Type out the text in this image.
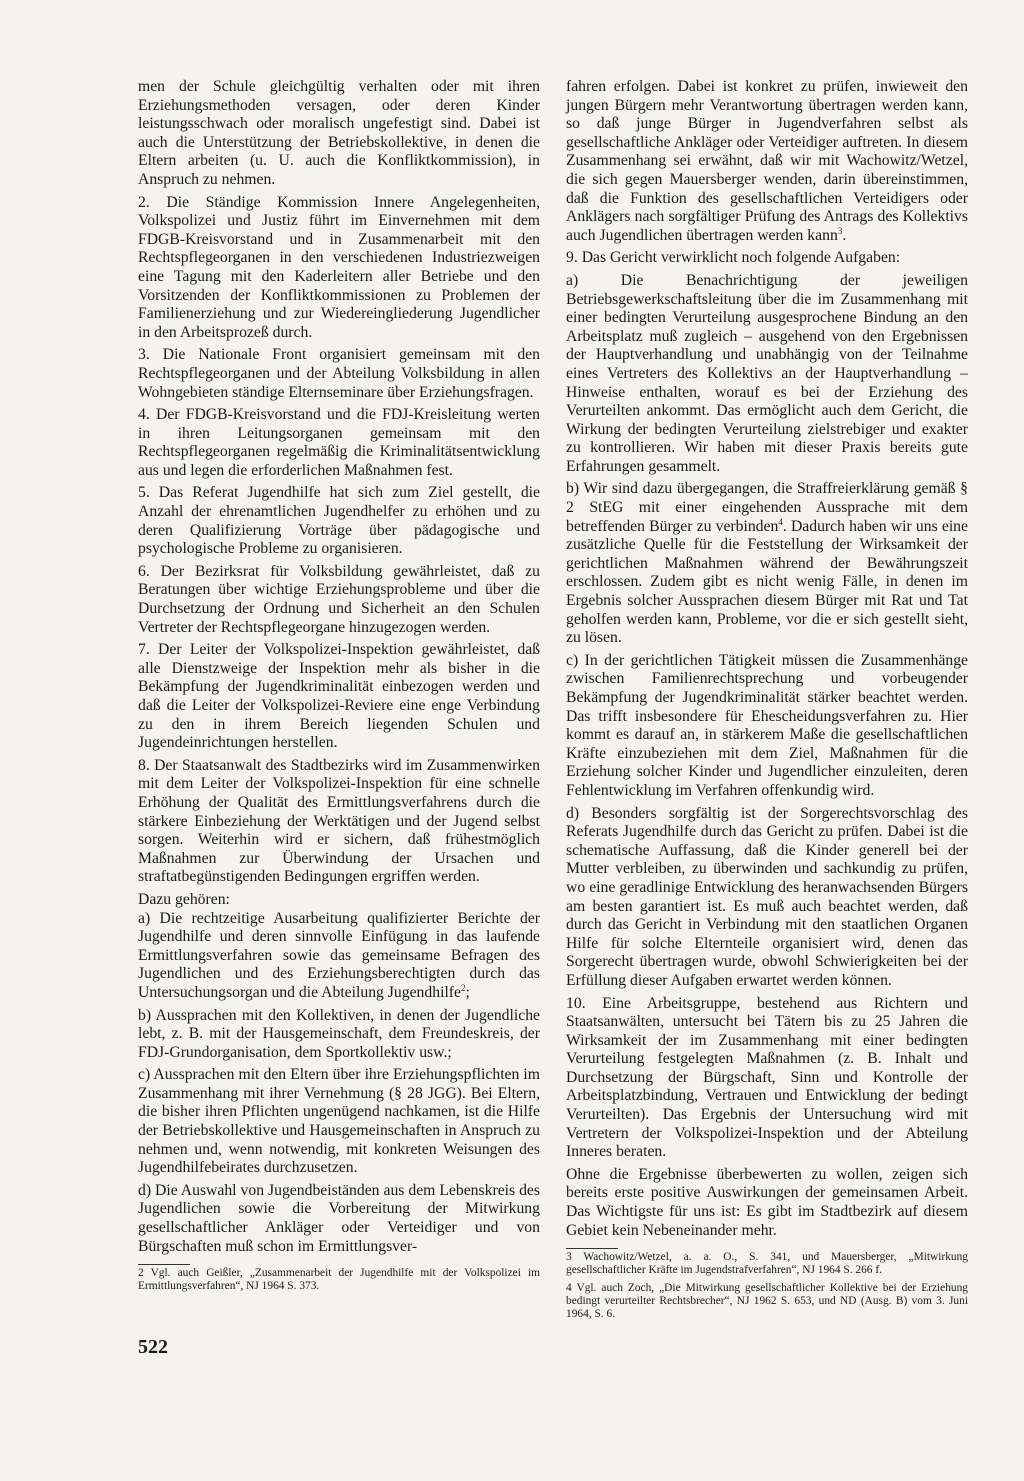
men der Schule gleichgültig verhalten oder mit ihren Erziehungsmethoden versagen, oder deren Kinder leistungsschwach oder moralisch ungefestigt sind. Dabei ist auch die Unterstützung der Betriebskollektive, in denen die Eltern arbeiten (u. U. auch die Konfliktkommission), in Anspruch zu nehmen.

2. Die Ständige Kommission Innere Angelegenheiten, Volkspolizei und Justiz führt im Einvernehmen mit dem FDGB-Kreisvorstand und in Zusammenarbeit mit den Rechtspflegeorganen in den verschiedenen Industriezweigen eine Tagung mit den Kaderleitern aller Betriebe und den Vorsitzenden der Konfliktkommissionen zu Problemen der Familienerziehung und zur Wiedereingliederung Jugendlicher in den Arbeitsprozeß durch.

3. Die Nationale Front organisiert gemeinsam mit den Rechtspflegeorganen und der Abteilung Volksbildung in allen Wohngebieten ständige Elternseminare über Erziehungsfragen.

4. Der FDGB-Kreisvorstand und die FDJ-Kreisleitung werten in ihren Leitungsorganen gemeinsam mit den Rechtspflegeorganen regelmäßig die Kriminalitätsentwicklung aus und legen die erforderlichen Maßnahmen fest.

5. Das Referat Jugendhilfe hat sich zum Ziel gestellt, die Anzahl der ehrenamtlichen Jugendhelfer zu erhöhen und zu deren Qualifizierung Vorträge über pädagogische und psychologische Probleme zu organisieren.

6. Der Bezirksrat für Volksbildung gewährleistet, daß zu Beratungen über wichtige Erziehungsprobleme und über die Durchsetzung der Ordnung und Sicherheit an den Schulen Vertreter der Rechtspflegeorgane hinzugezogen werden.

7. Der Leiter der Volkspolizei-Inspektion gewährleistet, daß alle Dienstzweige der Inspektion mehr als bisher in die Bekämpfung der Jugendkriminalität einbezogen werden und daß die Leiter der Volkspolizei-Reviere eine enge Verbindung zu den in ihrem Bereich liegenden Schulen und Jugendeinrichtungen herstellen.

8. Der Staatsanwalt des Stadtbezirks wird im Zusammenwirken mit dem Leiter der Volkspolizei-Inspektion für eine schnelle Erhöhung der Qualität des Ermittlungsverfahrens durch die stärkere Einbeziehung der Werktätigen und der Jugend selbst sorgen. Weiterhin wird er sichern, daß frühestmöglich Maßnahmen zur Überwindung der Ursachen und straftatbegünstigenden Bedingungen ergriffen werden.

Dazu gehören:

a) Die rechtzeitige Ausarbeitung qualifizierter Berichte der Jugendhilfe und deren sinnvolle Einfügung in das laufende Ermittlungsverfahren sowie das gemeinsame Befragen des Jugendlichen und des Erziehungsberechtigten durch das Untersuchungsorgan und die Abteilung Jugendhilfe$^2$;

b) Aussprachen mit den Kollektiven, in denen der Jugendliche lebt, z. B. mit der Hausgemeinschaft, dem Freundeskreis, der FDJ-Grundorganisation, dem Sportkollektiv usw.;

c) Aussprachen mit den Eltern über ihre Erziehungspflichten im Zusammenhang mit ihrer Vernehmung (§ 28 JGG). Bei Eltern, die bisher ihren Pflichten ungenügend nachkamen, ist die Hilfe der Betriebskollektive und Hausgemeinschaften in Anspruch zu nehmen und, wenn notwendig, mit konkreten Weisungen des Jugendhilfebeirates durchzusetzen.

d) Die Auswahl von Jugendbeiständen aus dem Lebenskreis des Jugendlichen sowie die Vorbereitung der Mitwirkung gesellschaftlicher Ankläger oder Verteidiger und von Bürgschaften muß schon im Ermittlungsver-

2 Vgl. auch Geißler, „Zusammenarbeit der Jugendhilfe mit der Volkspolizei im Ermittlungsverfahren“, NJ 1964 S. 373.

fahren erfolgen. Dabei ist konkret zu prüfen, inwieweit den jungen Bürgern mehr Verantwortung übertragen werden kann, so daß junge Bürger in Jugendverfahren selbst als gesellschaftliche Ankläger oder Verteidiger auftreten. In diesem Zusammenhang sei erwähnt, daß wir mit Wachowitz/Wetzel, die sich gegen Mauersberger wenden, darin übereinstimmen, daß die Funktion des gesellschaftlichen Verteidigers oder Anklägers nach sorgfältiger Prüfung des Antrags des Kollektivs auch Jugendlichen übertragen werden kann$^3$.

9. Das Gericht verwirklicht noch folgende Aufgaben:

a) Die Benachrichtigung der jeweiligen Betriebsgewerkschaftsleitung über die im Zusammenhang mit einer bedingten Verurteilung ausgesprochene Bindung an den Arbeitsplatz muß zugleich – ausgehend von den Ergebnissen der Hauptverhandlung und unabhängig von der Teilnahme eines Vertreters des Kollektivs an der Hauptverhandlung – Hinweise enthalten, worauf es bei der Erziehung des Verurteilten ankommt. Das ermöglicht auch dem Gericht, die Wirkung der bedingten Verurteilung zielstrebiger und exakter zu kontrollieren. Wir haben mit dieser Praxis bereits gute Erfahrungen gesammelt.

b) Wir sind dazu übergegangen, die Straffreierklärung gemäß § 2 StEG mit einer eingehenden Aussprache mit dem betreffenden Bürger zu verbinden$^4$. Dadurch haben wir uns eine zusätzliche Quelle für die Feststellung der Wirksamkeit der gerichtlichen Maßnahmen während der Bewährungszeit erschlossen. Zudem gibt es nicht wenig Fälle, in denen im Ergebnis solcher Aussprachen diesem Bürger mit Rat und Tat geholfen werden kann, Probleme, vor die er sich gestellt sieht, zu lösen.

c) In der gerichtlichen Tätigkeit müssen die Zusammenhänge zwischen Familienrechtsprechung und vorbeugender Bekämpfung der Jugendkriminalität stärker beachtet werden. Das trifft insbesondere für Ehescheidungsverfahren zu. Hier kommt es darauf an, in stärkerem Maße die gesellschaftlichen Kräfte einzubeziehen mit dem Ziel, Maßnahmen für die Erziehung solcher Kinder und Jugendlicher einzuleiten, deren Fehlentwicklung im Verfahren offenkundig wird.

d) Besonders sorgfältig ist der Sorgerechtsvorschlag des Referats Jugendhilfe durch das Gericht zu prüfen. Dabei ist die schematische Auffassung, daß die Kinder generell bei der Mutter verbleiben, zu überwinden und sachkundig zu prüfen, wo eine geradlinige Entwicklung des heranwachsenden Bürgers am besten garantiert ist. Es muß auch beachtet werden, daß durch das Gericht in Verbindung mit den staatlichen Organen Hilfe für solche Elternteile organisiert wird, denen das Sorgerecht übertragen wurde, obwohl Schwierigkeiten bei der Erfüllung dieser Aufgaben erwartet werden können.

10. Eine Arbeitsgruppe, bestehend aus Richtern und Staatsanwälten, untersucht bei Tätern bis zu 25 Jahren die Wirksamkeit der im Zusammenhang mit einer bedingten Verurteilung festgelegten Maßnahmen (z. B. Inhalt und Durchsetzung der Bürgschaft, Sinn und Kontrolle der Arbeitsplatzbindung, Vertrauen und Entwicklung der bedingt Verurteilten). Das Ergebnis der Untersuchung wird mit Vertretern der Volkspolizei-Inspektion und der Abteilung Inneres beraten.

Ohne die Ergebnisse überbewerten zu wollen, zeigen sich bereits erste positive Auswirkungen der gemeinsamen Arbeit. Das Wichtigste für uns ist: Es gibt im Stadtbezirk auf diesem Gebiet kein Nebeneinander mehr.

3 Wachowitz/Wetzel, a. a. O., S. 341, und Mauersberger, „Mitwirkung gesellschaftlicher Kräfte im Jugendstrafverfahren“, NJ 1964 S. 266 f.

4 Vgl. auch Zoch, „Die Mitwirkung gesellschaftlicher Kollektive bei der Erziehung bedingt verurteilter Rechtsbrecher“, NJ 1962 S. 653, und ND (Ausg. B) vom 3. Juni 1964, S. 6.

522
